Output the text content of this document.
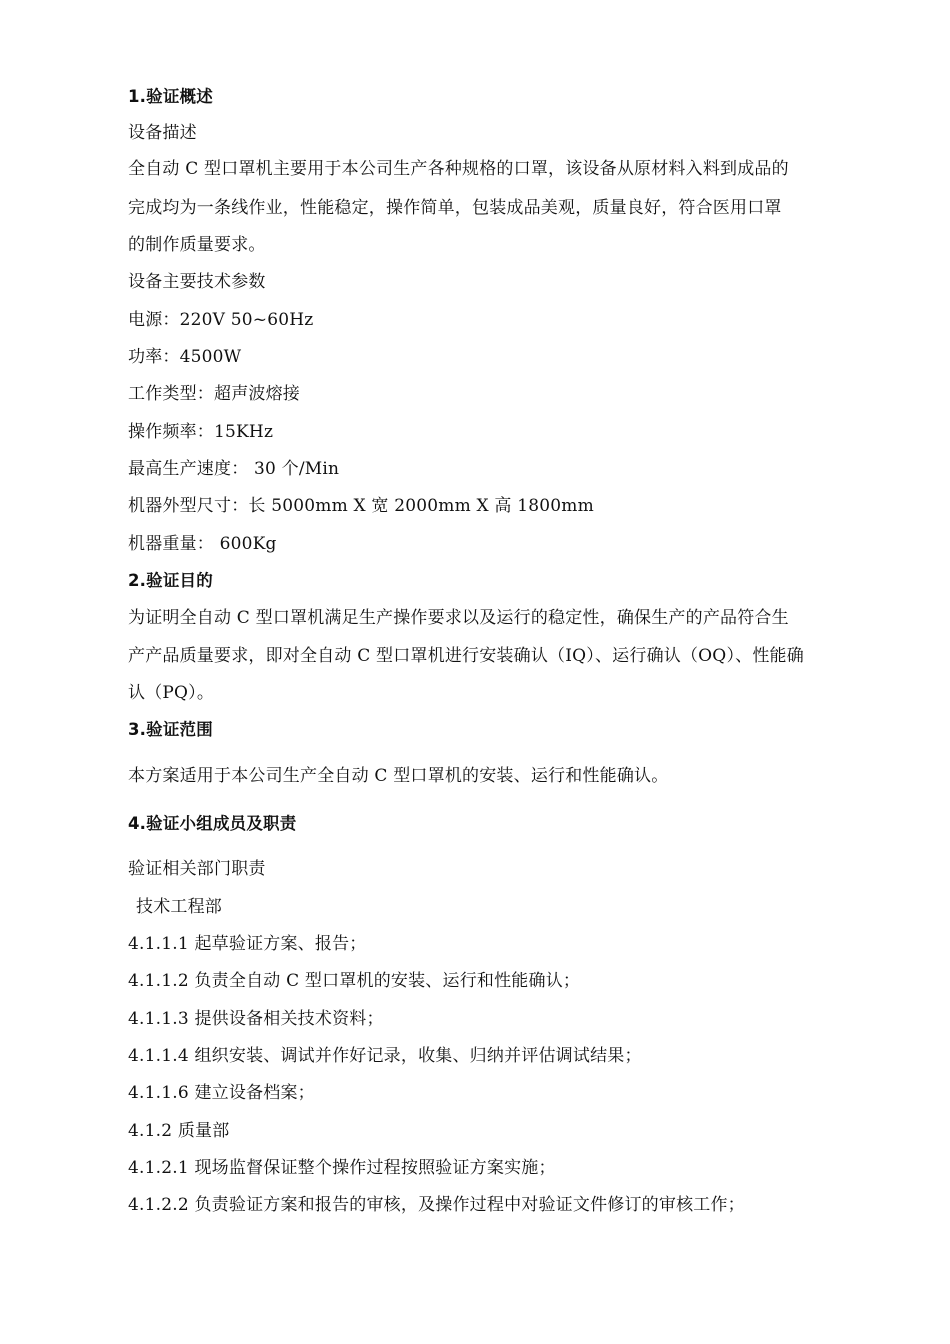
1.验证概述
设备描述
全自动 C 型口罩机主要用于本公司生产各种规格的口罩，该设备从原材料入料到成品的
完成均为一条线作业，性能稳定，操作简单，包装成品美观，质量良好，符合医用口罩
的制作质量要求。
设备主要技术参数
电源：220V 50~60Hz
功率：4500W
工作类型：超声波熔接
操作频率：15KHz
最高生产速度： 30 个/Min
机器外型尺寸：长 5000mm X 宽 2000mm X 高 1800mm
机器重量： 600Kg
2.验证目的
为证明全自动 C 型口罩机满足生产操作要求以及运行的稳定性，确保生产的产品符合生
产产品质量要求，即对全自动 C 型口罩机进行安装确认（IQ）、运行确认（OQ）、性能确
认（PQ）。
3.验证范围
本方案适用于本公司生产全自动 C 型口罩机的安装、运行和性能确认。
4.验证小组成员及职责
验证相关部门职责
技术工程部
4.1.1.1 起草验证方案、报告；
4.1.1.2 负责全自动 C 型口罩机的安装、运行和性能确认；
4.1.1.3 提供设备相关技术资料；
4.1.1.4 组织安装、调试并作好记录，收集、归纳并评估调试结果；
4.1.1.6 建立设备档案；
4.1.2 质量部
4.1.2.1 现场监督保证整个操作过程按照验证方案实施；
4.1.2.2 负责验证方案和报告的审核，及操作过程中对验证文件修订的审核工作；
